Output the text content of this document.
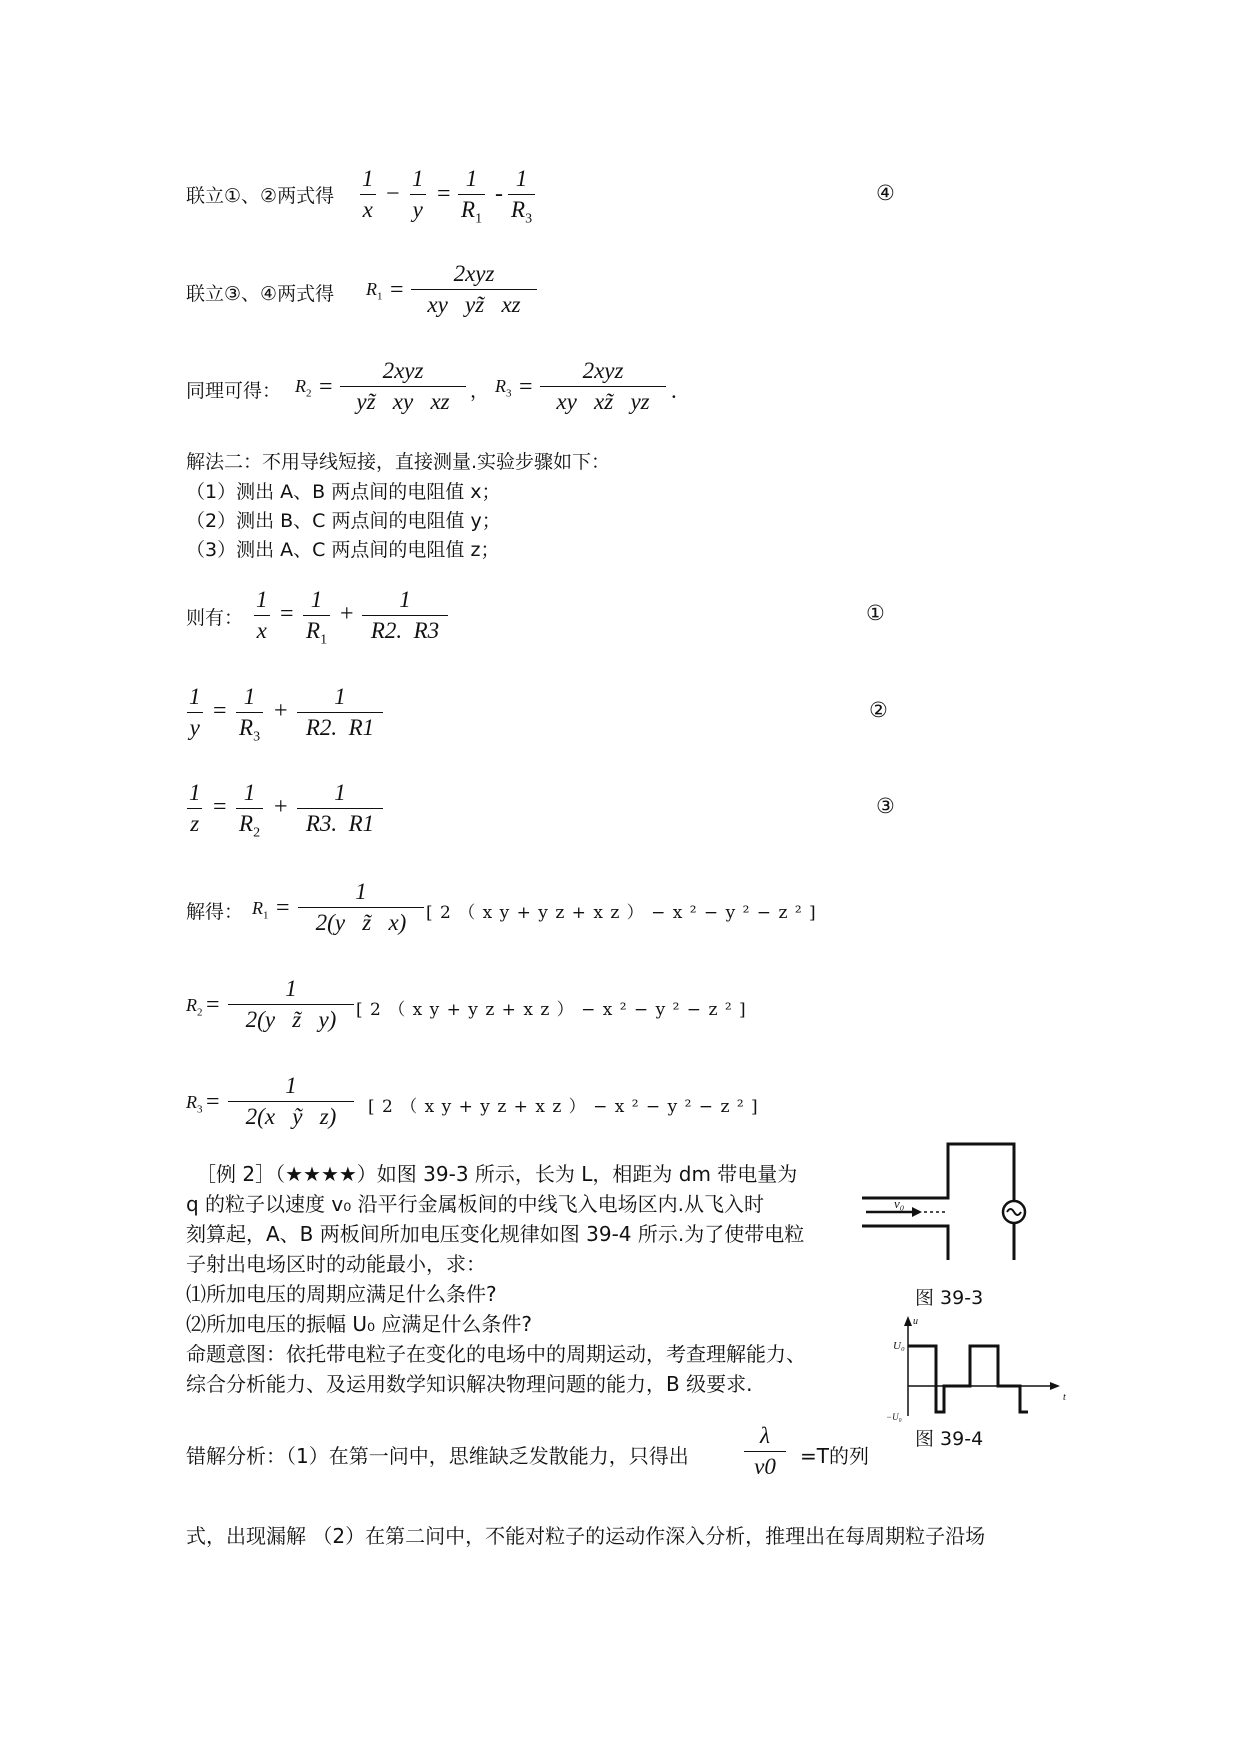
联立①、②两式得 $\frac{1}{x} - \frac{1}{y} = \frac{1}{R_1} - \frac{1}{R_3}$	④
联立③、④两式得 $R_1$ =
2xyz
xy   yz̃   xz
同理可得： $R_2$ =
2xyz
yz̃   xy   xz	， $R_3$ =
2xyz
xy   xz̃   yz .
解法二：不用导线短接，直接测量.实验步骤如下：
（1）测出 A、B 两点间的电阻值 x；
（2）测出 B、C 两点间的电阻值 y；
（3）测出 A、C 两点间的电阻值 z；
则有： $\frac{1}{x} = \frac{1}{R_1} + \frac{1}{R2. R3}$	①
$\frac{1}{y} = \frac{1}{R_3} + \frac{1}{R2. R1}$	②
$\frac{1}{z} = \frac{1}{R_2} + \frac{1}{R3. R1}$	③
解得： $R_1 = \frac{1}{\text{2(y   z̃   x)}}$ [ 2 （ x y + y z + x z ） − x ² − y ² − z ² ]
$R_2 = \frac{1}{\text{2(y   z̃   y)}}$ [ 2 （ x y + y z + x z ） − x ² − y ² − z ² ]
$R_3 = \frac{1}{\text{2(x   ỹ   z)}}$ [ 2 （ x y + y z + x z ） − x ² − y ² − z ² ]
［例 2］（★★★★）如图 39-3 所示，长为 L，相距为 dm 带电量为
q 的粒子以速度 v₀ 沿平行金属板间的中线飞入电场区内.从飞入时
刻算起，A、B 两板间所加电压变化规律如图 39-4 所示.为了使带电粒
子射出电场区时的动能最小，求：
⑴所加电压的周期应满足什么条件?
⑵所加电压的振幅 U₀ 应满足什么条件?
命题意图：依托带电粒子在变化的电场中的周期运动，考查理解能力、
综合分析能力、及运用数学知识解决物理问题的能力，B 级要求.
错解分析：（1）在第一问中，思维缺乏发散能力，只得出 $\frac{\lambda}{v0} =T$的列
式，出现漏解 （2）在第二问中，不能对粒子的运动作深入分析，推理出在每周期粒子沿场
v₀
图 39-3
u
U₀
t
−U₀
图 39-4
